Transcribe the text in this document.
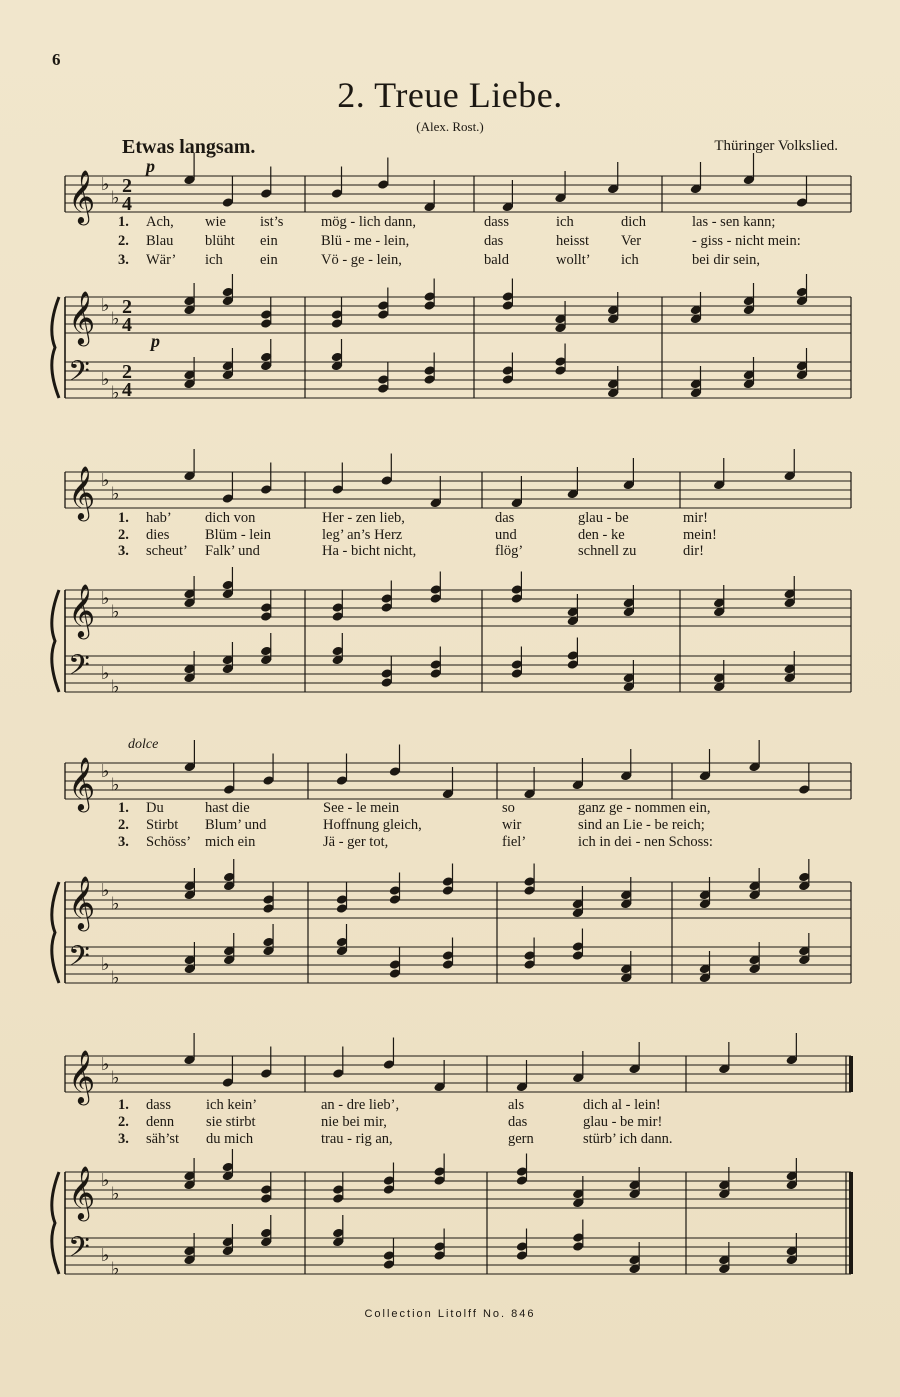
6
2. Treue Liebe.
(Alex. Rost.)
Etwas langsam.	Thüringer Volkslied.
p
p
dolce
𝄞
𝄞
𝄢
♭
♭
♭
♭
♭
♭
2
4
2
4
2
4
𝄞
𝄞
𝄢
♭
♭
♭
♭
♭
♭
𝄞
𝄞
𝄢
♭
♭
♭
♭
♭
♭
𝄞
𝄞
𝄢
♭
♭
♭
♭
♭
♭
1. Ach, wie ist’s	mög - lich dann,	dass	ich	dich	las - sen kann;
2. Blau blüht ein	Blü - me - lein,	das	heisst Ver	- giss - nicht mein:
3. Wär’ ich	ein	Vö - ge - lein,	bald	wollt’ ich	bei dir sein,
1. hab’ dich von	Her - zen lieb,	das	glau - be	mir!
2. dies Blüm - lein	leg’ an’s Herz	und	den - ke	mein!
3. scheut’ Falk’ und	Ha - bicht nicht,	flög’	schnell zu	dir!
1. Du	hast die	See - le mein	so	ganz ge - nommen ein,
2. Stirbt Blum’ und	Hoffnung gleich,	wir	sind an Lie - be reich;
3. Schöss’ mich ein	Jä - ger tot,	fiel’	ich in dei - nen Schoss:
1. dass ich kein’	an - dre lieb’,	als	dich al - lein!
2. denn sie stirbt	nie bei mir,	das	glau - be mir!
3. säh’st du mich	trau - rig an,	gern	stürb’ ich dann.
Collection Litolff No. 846
